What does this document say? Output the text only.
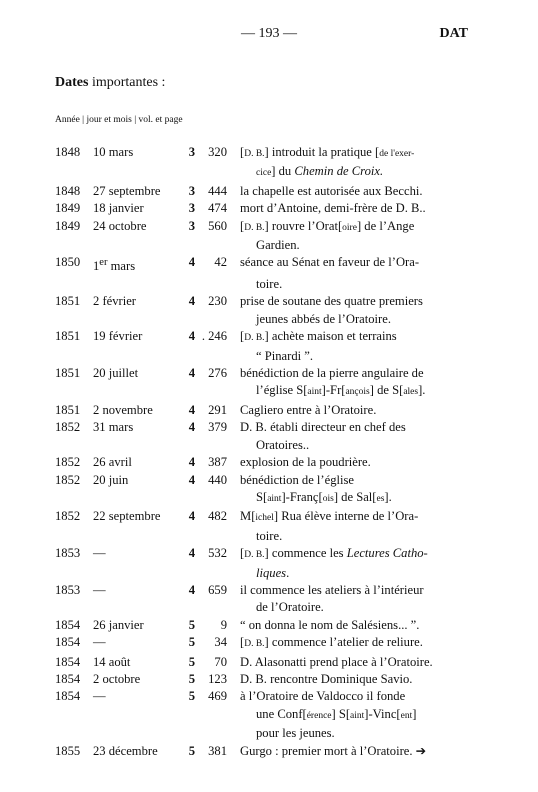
— 193 —	DAT
Dates importantes :
Année | jour et mois | vol. et page
1848	10 mars	3	320	[D. B.] introduit la pratique [de l'exer-
cice] du Chemin de Croix.
1848	27 septembre	3	444	la chapelle est autorisée aux Becchi.
1849	18 janvier	3	474	mort d’Antoine, demi-frère de D. B..
1849	24 octobre	3	560	[D. B.] rouvre l’Orat[oire] de l’Ange
Gardien.
1850	1er mars	4	42	séance au Sénat en faveur de l’Ora-
toire.
1851	2 février	4	230	prise de soutane des quatre premiers
jeunes abbés de l’Oratoire.
1851	19 février	4 . 246	[D. B.] achète maison et terrains
“ Pinardi ”.
1851	20 juillet	4	276	bénédiction de la pierre angulaire de
l’église S[aint]-Fr[ançois] de S[ales].
1851	2 novembre	4	291	Cagliero entre à l’Oratoire.
1852	31 mars	4	379	D. B. établi directeur en chef des
Oratoires..
1852	26 avril	4	387	explosion de la poudrière.
1852	20 juin	4	440	bénédiction de l’église
S[aint]-Franç[ois] de Sal[es].
1852	22 septembre	4	482	M[ichel] Rua élève interne de l’Ora-
toire.
1853	—	4	532	[D. B.] commence les Lectures Catho-
liques.
1853	—	4	659	il commence les ateliers à l’intérieur
de l’Oratoire.
1854	26 janvier	5	9	“ on donna le nom de Salésiens... ”.
1854	—	5	34	[D. B.] commence l’atelier de reliure.
1854	14 août	5	70	D. Alasonatti prend place à l’Oratoire.
1854	2 octobre	5	123	D. B. rencontre Dominique Savio.
1854	—	5	469	à l’Oratoire de Valdocco il fonde
une Conf[érence] S[aint]-Vinc[ent]
pour les jeunes.
1855	23 décembre	5	381	Gurgo : premier mort à l’Oratoire. ➔
